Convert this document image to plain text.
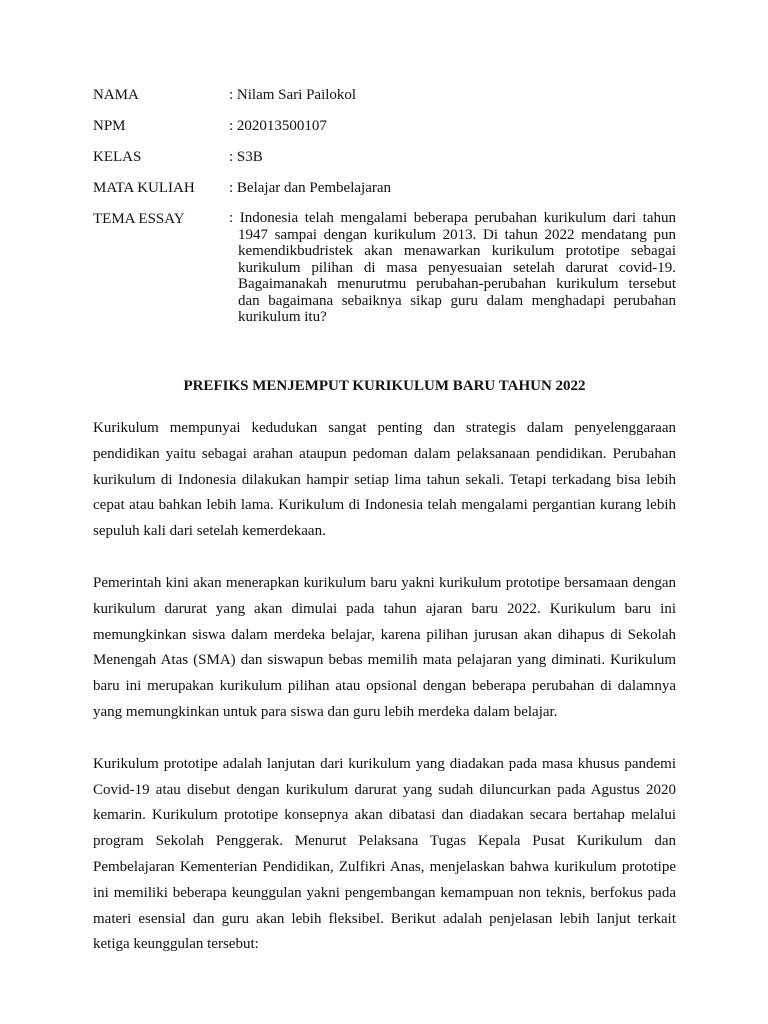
NAMA	: Nilam Sari Pailokol
NPM	: 202013500107
KELAS	: S3B
MATA KULIAH	: Belajar dan Pembelajaran
TEMA ESSAY	: Indonesia telah mengalami beberapa perubahan kurikulum dari tahun 1947 sampai dengan kurikulum 2013. Di tahun 2022 mendatang pun kemendikbudristek akan menawarkan kurikulum prototipe sebagai kurikulum pilihan di masa penyesuaian setelah darurat covid-19. Bagaimanakah menurutmu perubahan-perubahan kurikulum tersebut dan bagaimana sebaiknya sikap guru dalam menghadapi perubahan kurikulum itu?
PREFIKS MENJEMPUT KURIKULUM BARU TAHUN 2022

Kurikulum mempunyai kedudukan sangat penting dan strategis dalam penyelenggaraan pendidikan yaitu sebagai arahan ataupun pedoman dalam pelaksanaan pendidikan. Perubahan kurikulum di Indonesia dilakukan hampir setiap lima tahun sekali. Tetapi terkadang bisa lebih cepat atau bahkan lebih lama. Kurikulum di Indonesia telah mengalami pergantian kurang lebih sepuluh kali dari setelah kemerdekaan.

Pemerintah kini akan menerapkan kurikulum baru yakni kurikulum prototipe bersamaan dengan kurikulum darurat yang akan dimulai pada tahun ajaran baru 2022. Kurikulum baru ini memungkinkan siswa dalam merdeka belajar, karena pilihan jurusan akan dihapus di Sekolah Menengah Atas (SMA) dan siswapun bebas memilih mata pelajaran yang diminati. Kurikulum baru ini merupakan kurikulum pilihan atau opsional dengan beberapa perubahan di dalamnya yang memungkinkan untuk para siswa dan guru lebih merdeka dalam belajar.

Kurikulum prototipe adalah lanjutan dari kurikulum yang diadakan pada masa khusus pandemi Covid-19 atau disebut dengan kurikulum darurat yang sudah diluncurkan pada Agustus 2020 kemarin. Kurikulum prototipe konsepnya akan dibatasi dan diadakan secara bertahap melalui program Sekolah Penggerak. Menurut Pelaksana Tugas Kepala Pusat Kurikulum dan Pembelajaran Kementerian Pendidikan, Zulfikri Anas, menjelaskan bahwa kurikulum prototipe ini memiliki beberapa keunggulan yakni pengembangan kemampuan non teknis, berfokus pada materi esensial dan guru akan lebih fleksibel. Berikut adalah penjelasan lebih lanjut terkait ketiga keunggulan tersebut:
